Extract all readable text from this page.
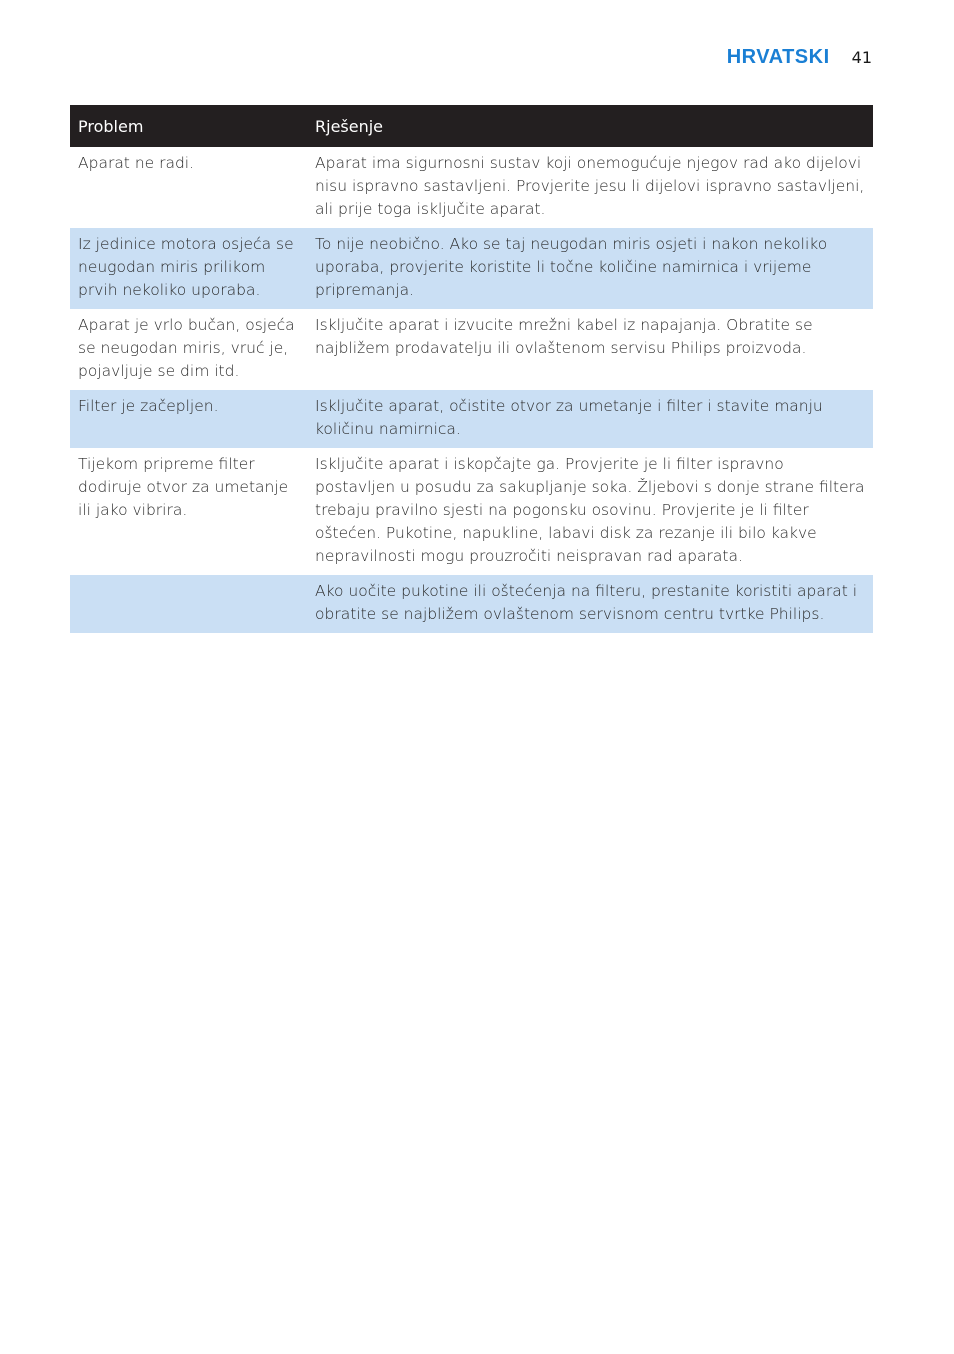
HRVATSKI 41
Problem	Rješenje
Aparat ne radi.	Aparat ima sigurnosni sustav koji onemogućuje njegov rad ako dijelovi nisu ispravno sastavljeni. Provjerite jesu li dijelovi ispravno sastavljeni, ali prije toga isključite aparat.
Iz jedinice motora osjeća se neugodan miris prilikom prvih nekoliko uporaba.	To nije neobično. Ako se taj neugodan miris osjeti i nakon nekoliko uporaba, provjerite koristite li točne količine namirnica i vrijeme pripremanja.
Aparat je vrlo bučan, osjeća se neugodan miris, vruć je, pojavljuje se dim itd.	Isključite aparat i izvucite mrežni kabel iz napajanja. Obratite se najbližem prodavatelju ili ovlaštenom servisu Philips proizvoda.
Filter je začepljen.	Isključite aparat, očistite otvor za umetanje i filter i stavite manju količinu namirnica.
Tijekom pripreme filter dodiruje otvor za umetanje ili jako vibrira.	Isključite aparat i iskopčajte ga. Provjerite je li filter ispravno postavljen u posudu za sakupljanje soka. Žljebovi s donje strane filtera trebaju pravilno sjesti na pogonsku osovinu. Provjerite je li filter oštećen. Pukotine, napukline, labavi disk za rezanje ili bilo kakve nepravilnosti mogu prouzročiti neispravan rad aparata.
	Ako uočite pukotine ili oštećenja na filteru, prestanite koristiti aparat i obratite se najbližem ovlaštenom servisnom centru tvrtke Philips.
